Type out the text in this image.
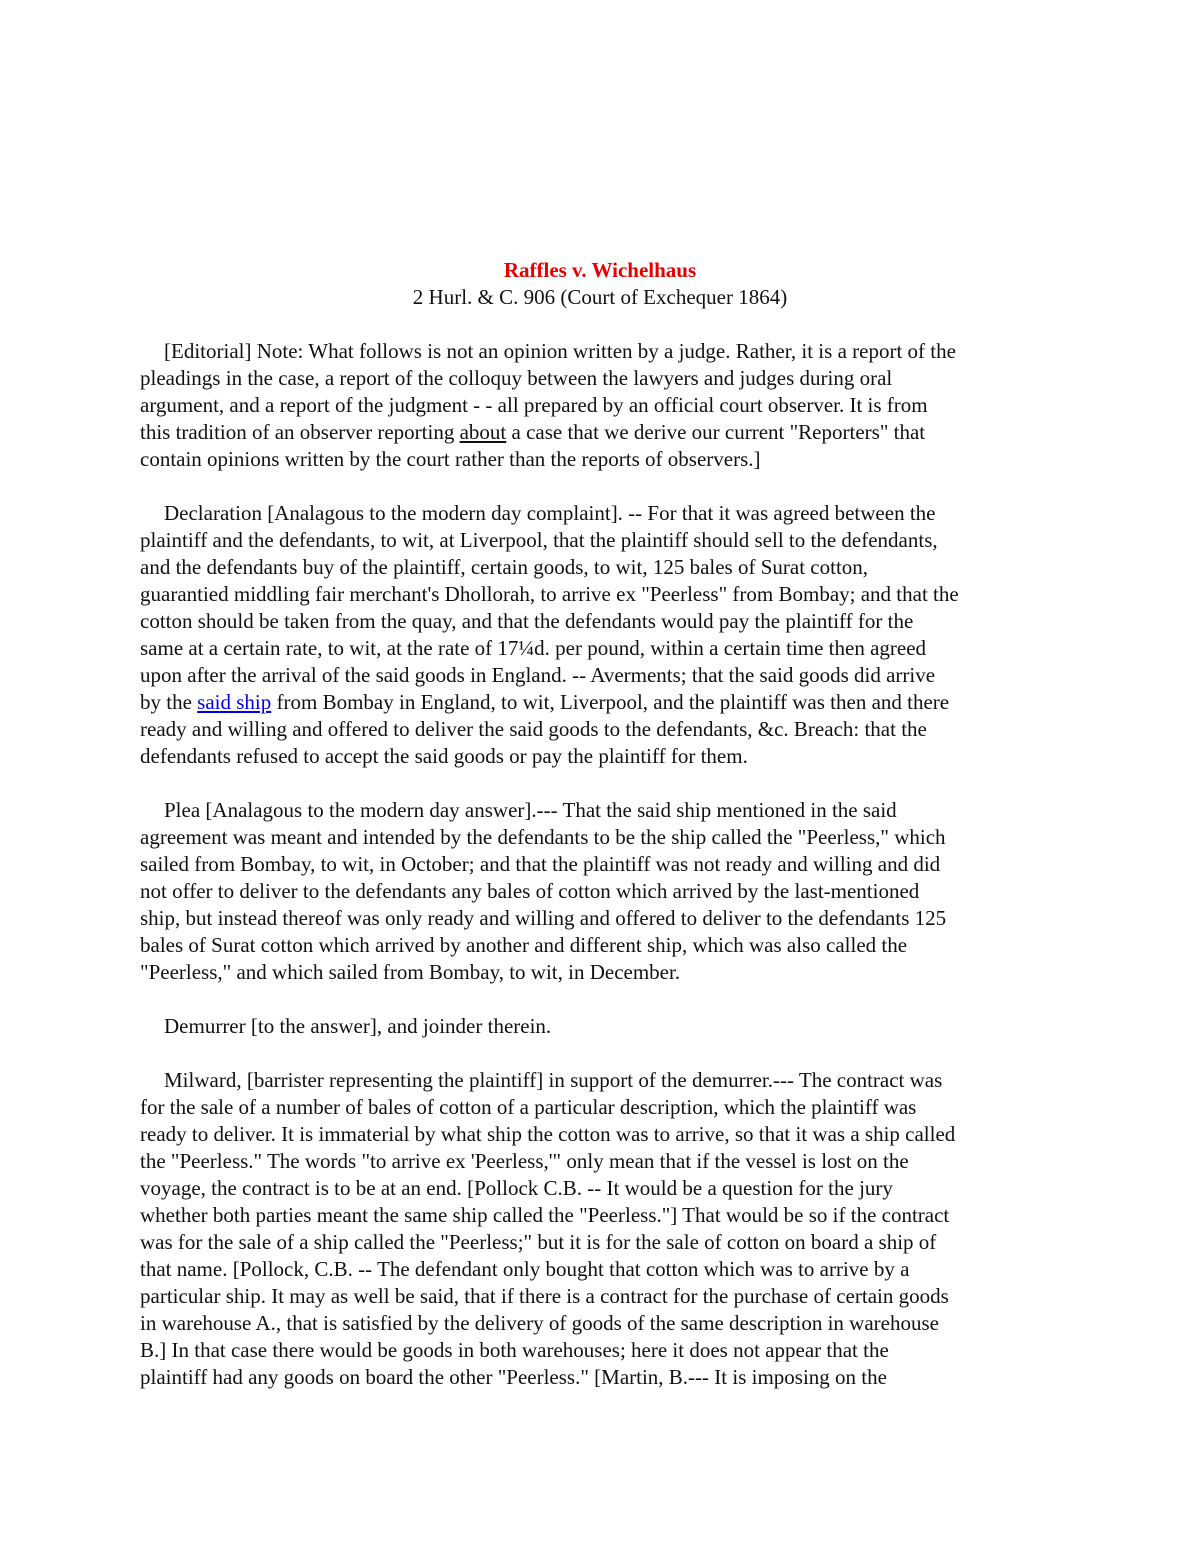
Raffles v. Wichelhaus
2 Hurl. & C. 906 (Court of Exchequer 1864)
[Editorial] Note: What follows is not an opinion written by a judge. Rather, it is a report of the
pleadings in the case, a report of the colloquy between the lawyers and judges during oral
argument, and a report of the judgment - - all prepared by an official court observer. It is from
this tradition of an observer reporting about a case that we derive our current "Reporters" that
contain opinions written by the court rather than the reports of observers.]
Declaration [Analagous to the modern day complaint]. -- For that it was agreed between the
plaintiff and the defendants, to wit, at Liverpool, that the plaintiff should sell to the defendants,
and the defendants buy of the plaintiff, certain goods, to wit, 125 bales of Surat cotton,
guarantied middling fair merchant's Dhollorah, to arrive ex "Peerless" from Bombay; and that the
cotton should be taken from the quay, and that the defendants would pay the plaintiff for the
same at a certain rate, to wit, at the rate of 17¼d. per pound, within a certain time then agreed
upon after the arrival of the said goods in England. -- Averments; that the said goods did arrive
by the said ship from Bombay in England, to wit, Liverpool, and the plaintiff was then and there
ready and willing and offered to deliver the said goods to the defendants, &c. Breach: that the
defendants refused to accept the said goods or pay the plaintiff for them.
Plea [Analagous to the modern day answer].--- That the said ship mentioned in the said
agreement was meant and intended by the defendants to be the ship called the "Peerless," which
sailed from Bombay, to wit, in October; and that the plaintiff was not ready and willing and did
not offer to deliver to the defendants any bales of cotton which arrived by the last-mentioned
ship, but instead thereof was only ready and willing and offered to deliver to the defendants 125
bales of Surat cotton which arrived by another and different ship, which was also called the
"Peerless," and which sailed from Bombay, to wit, in December.
Demurrer [to the answer], and joinder therein.
Milward, [barrister representing the plaintiff] in support of the demurrer.--- The contract was
for the sale of a number of bales of cotton of a particular description, which the plaintiff was
ready to deliver. It is immaterial by what ship the cotton was to arrive, so that it was a ship called
the "Peerless." The words "to arrive ex 'Peerless,'" only mean that if the vessel is lost on the
voyage, the contract is to be at an end. [Pollock C.B. -- It would be a question for the jury
whether both parties meant the same ship called the "Peerless."] That would be so if the contract
was for the sale of a ship called the "Peerless;" but it is for the sale of cotton on board a ship of
that name. [Pollock, C.B. -- The defendant only bought that cotton which was to arrive by a
particular ship. It may as well be said, that if there is a contract for the purchase of certain goods
in warehouse A., that is satisfied by the delivery of goods of the same description in warehouse
B.] In that case there would be goods in both warehouses; here it does not appear that the
plaintiff had any goods on board the other "Peerless." [Martin, B.--- It is imposing on the
